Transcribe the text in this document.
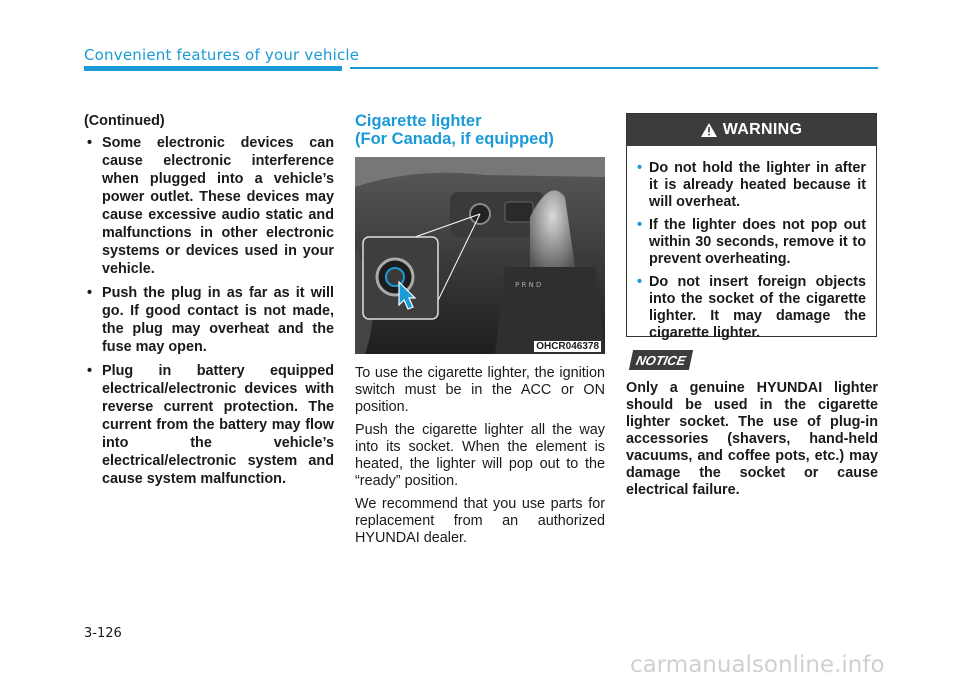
Convenient features of your vehicle

(Continued)

• Some electronic devices can cause electronic interference when plugged into a vehicle’s power outlet. These devices may cause excessive audio static and malfunctions in other electronic systems or devices used in your vehicle.
• Push the plug in as far as it will go. If good contact is not made, the plug may overheat and the fuse may open.
• Plug in battery equipped electrical/electronic devices with reverse current protection. The current from the battery may flow into the vehicle’s electrical/electronic system and cause system malfunction.

Cigarette lighter

(For Canada, if equipped)

P R N D
OHCR046378

To use the cigarette lighter, the ignition switch must be in the ACC or ON position.

Push the cigarette lighter all the way into its socket. When the element is heated, the lighter will pop out to the “ready” position.

We recommend that you use parts for replacement from an authorized HYUNDAI dealer.

WARNING
• Do not hold the lighter in after it is already heated because it will overheat.
• If the lighter does not pop out within 30 seconds, remove it to prevent overheating.
• Do not insert foreign objects into the socket of the cigarette lighter. It may damage the cigarette lighter.
NOTICE
Only a genuine HYUNDAI lighter should be used in the cigarette lighter socket. The use of plug-in accessories (shavers, hand-held vacuums, and coffee pots, etc.) may damage the socket or cause electrical failure.
3-126
carmanualsonline.info
